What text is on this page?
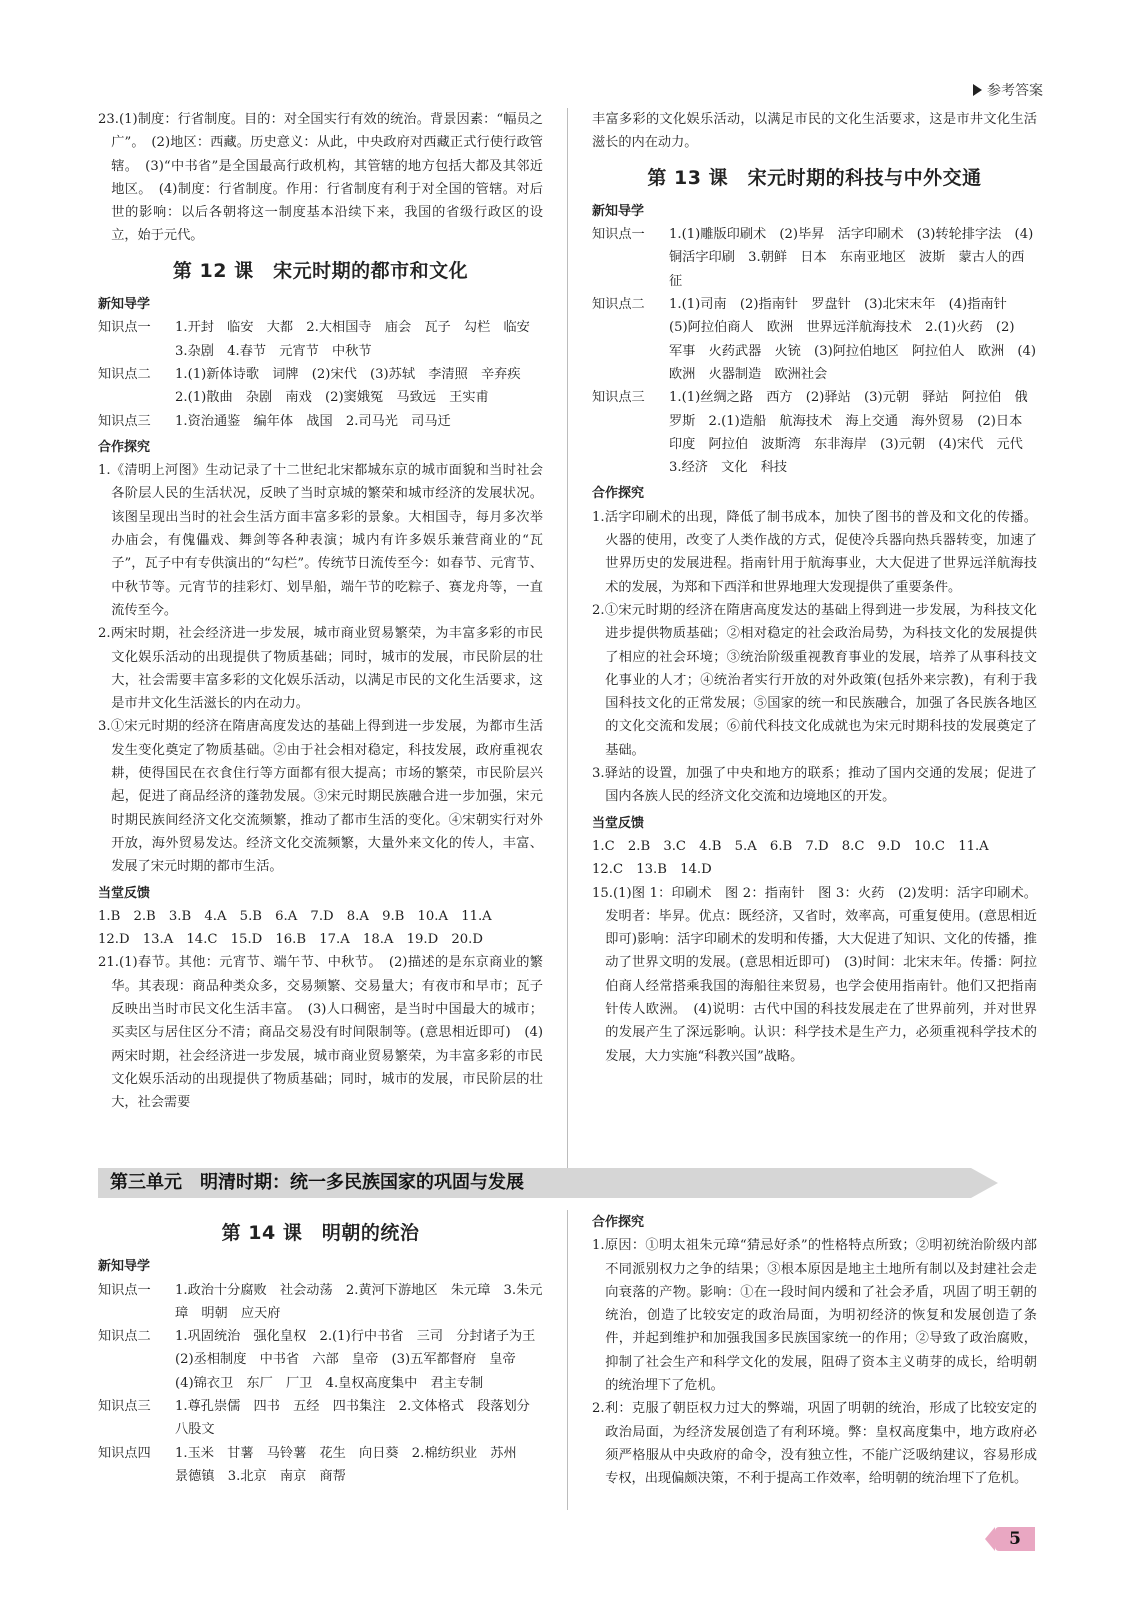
参考答案

23.(1)制度：行省制度。目的：对全国实行有效的统治。背景因素：“幅员之广”。　(2)地区：西藏。历史意义：从此，中央政府对西藏正式行使行政管辖。　(3)“中书省”是全国最高行政机构，其管辖的地方包括大都及其邻近地区。　(4)制度：行省制度。作用：行省制度有利于对全国的管辖。对后世的影响：以后各朝将这一制度基本沿续下来，我国的省级行政区的设立，始于元代。

第 12 课　宋元时期的都市和文化
新知导学
知识点一	1.开封　临安　大都　2.大相国寺　庙会　瓦子　勾栏　临安　3.杂剧　4.春节　元宵节　中秋节
知识点二	1.(1)新体诗歌　词牌　(2)宋代　(3)苏轼　李清照　辛弃疾　2.(1)散曲　杂剧　南戏　(2)窦娥冤　马致远　王实甫
知识点三	1.资治通鉴　编年体　战国　2.司马光　司马迁
合作探究

1.《清明上河图》生动记录了十二世纪北宋都城东京的城市面貌和当时社会各阶层人民的生活状况，反映了当时京城的繁荣和城市经济的发展状况。该图呈现出当时的社会生活方面丰富多彩的景象。大相国寺，每月多次举办庙会，有傀儡戏、舞剑等各种表演；城内有许多娱乐兼营商业的“瓦子”，瓦子中有专供演出的“勾栏”。传统节日流传至今：如春节、元宵节、中秋节等。元宵节的挂彩灯、划旱船，端午节的吃粽子、赛龙舟等，一直流传至今。

2.两宋时期，社会经济进一步发展，城市商业贸易繁荣，为丰富多彩的市民文化娱乐活动的出现提供了物质基础；同时，城市的发展，市民阶层的壮大，社会需要丰富多彩的文化娱乐活动，以满足市民的文化生活要求，这是市井文化生活滋长的内在动力。

3.①宋元时期的经济在隋唐高度发达的基础上得到进一步发展，为都市生活发生变化奠定了物质基础。②由于社会相对稳定，科技发展，政府重视农耕，使得国民在衣食住行等方面都有很大提高；市场的繁荣，市民阶层兴起，促进了商品经济的蓬勃发展。③宋元时期民族融合进一步加强，宋元时期民族间经济文化交流频繁，推动了都市生活的变化。④宋朝实行对外开放，海外贸易发达。经济文化交流频繁，大量外来文化的传人，丰富、发展了宋元时期的都市生活。

当堂反馈

1.B　2.B　3.B　4.A　5.B　6.A　7.D　8.A　9.B　10.A　11.A

12.D　13.A　14.C　15.D　16.B　17.A　18.A　19.D　20.D

21.(1)春节。其他：元宵节、端午节、中秋节。　(2)描述的是东京商业的繁华。其表现：商品种类众多，交易频繁、交易量大；有夜市和早市；瓦子反映出当时市民文化生活丰富。　(3)人口稠密，是当时中国最大的城市；买卖区与居住区分不清；商品交易没有时间限制等。(意思相近即可)　(4)两宋时期，社会经济进一步发展，城市商业贸易繁荣，为丰富多彩的市民文化娱乐活动的出现提供了物质基础；同时，城市的发展，市民阶层的壮大，社会需要

丰富多彩的文化娱乐活动，以满足市民的文化生活要求，这是市井文化生活滋长的内在动力。

第 13 课　宋元时期的科技与中外交通
新知导学
知识点一	1.(1)雕版印刷术　(2)毕昇　活字印刷术　(3)转轮排字法　(4)铜活字印刷　3.朝鲜　日本　东南亚地区　波斯　蒙古人的西征
知识点二	1.(1)司南　(2)指南针　罗盘针　(3)北宋末年　(4)指南针　(5)阿拉伯商人　欧洲　世界远洋航海技术　2.(1)火药　(2)　军事　火药武器　火铳　(3)阿拉伯地区　阿拉伯人　欧洲　(4)欧洲　火器制造　欧洲社会
知识点三	1.(1)丝绸之路　西方　(2)驿站　(3)元朝　驿站　阿拉伯　俄罗斯　2.(1)造船　航海技术　海上交通　海外贸易　(2)日本　印度　阿拉伯　波斯湾　东非海岸　(3)元朝　(4)宋代　元代　3.经济　文化　科技
合作探究

1.活字印刷术的出现，降低了制书成本，加快了图书的普及和文化的传播。火器的使用，改变了人类作战的方式，促使冷兵器向热兵器转变，加速了世界历史的发展进程。指南针用于航海事业，大大促进了世界远洋航海技术的发展，为郑和下西洋和世界地理大发现提供了重要条件。

2.①宋元时期的经济在隋唐高度发达的基础上得到进一步发展，为科技文化进步提供物质基础；②相对稳定的社会政治局势，为科技文化的发展提供了相应的社会环境；③统治阶级重视教育事业的发展，培养了从事科技文化事业的人才；④统治者实行开放的对外政策(包括外来宗教)，有利于我国科技文化的正常发展；⑤国家的统一和民族融合，加强了各民族各地区的文化交流和发展；⑥前代科技文化成就也为宋元时期科技的发展奠定了基础。

3.驿站的设置，加强了中央和地方的联系；推动了国内交通的发展；促进了国内各族人民的经济文化交流和边境地区的开发。

当堂反馈

1.C　2.B　3.C　4.B　5.A　6.B　7.D　8.C　9.D　10.C　11.A

12.C　13.B　14.D

15.(1)图 1：印刷术　图 2：指南针　图 3：火药　(2)发明：活字印刷术。发明者：毕昇。优点：既经济，又省时，效率高，可重复使用。(意思相近即可)影响：活字印刷术的发明和传播，大大促进了知识、文化的传播，推动了世界文明的发展。(意思相近即可)　(3)时间：北宋末年。传播：阿拉伯商人经常搭乘我国的海船往来贸易，也学会使用指南针。他们又把指南针传人欧洲。　(4)说明：古代中国的科技发展走在了世界前列，并对世界的发展产生了深远影响。认识：科学技术是生产力，必须重视科学技术的发展，大力实施“科教兴国”战略。

第三单元　明清时期：统一多民族国家的巩固与发展
第 14 课　明朝的统治
新知导学
知识点一	1.政治十分腐败　社会动荡　2.黄河下游地区　朱元璋　3.朱元璋　明朝　应天府
知识点二	1.巩固统治　强化皇权　2.(1)行中书省　三司　分封诸子为王　(2)丞相制度　中书省　六部　皇帝　(3)五军都督府　皇帝　(4)锦衣卫　东厂　厂卫　4.皇权高度集中　君主专制
知识点三	1.尊孔崇儒　四书　五经　四书集注　2.文体格式　段落划分　八股文
知识点四	1.玉米　甘薯　马铃薯　花生　向日葵　2.棉纺织业　苏州　景德镇　3.北京　南京　商帮
合作探究

1.原因：①明太祖朱元璋“猜忌好杀”的性格特点所致；②明初统治阶级内部不同派别权力之争的结果；③根本原因是地主土地所有制以及封建社会走向衰落的产物。影响：①在一段时间内缓和了社会矛盾，巩固了明王朝的统治，创造了比较安定的政治局面，为明初经济的恢复和发展创造了条件，并起到维护和加强我国多民族国家统一的作用；②导致了政治腐败，抑制了社会生产和科学文化的发展，阻碍了资本主义萌芽的成长，给明朝的统治埋下了危机。

2.利：克服了朝臣权力过大的弊端，巩固了明朝的统治，形成了比较安定的政治局面，为经济发展创造了有利环境。弊：皇权高度集中，地方政府必须严格服从中央政府的命令，没有独立性，不能广泛吸纳建议，容易形成专权，出现偏颇决策，不利于提高工作效率，给明朝的统治埋下了危机。

5
